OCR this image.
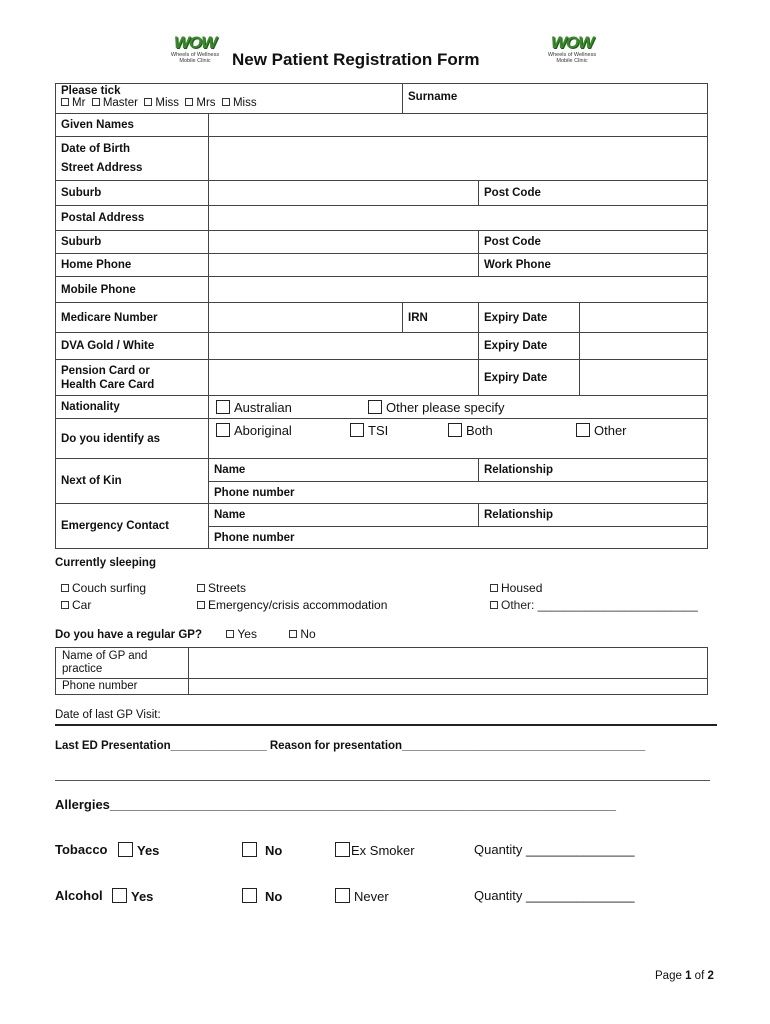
WOW
Wheels of Wellness
Mobile Clinic
WOW
Wheels of Wellness
Mobile Clinic
New Patient Registration Form
Please tick
Mr Master Miss Mrs Miss		Surname		
Given Names				

Date of Birth
Street Address				

Suburb			Post Code	
Postal Address				
Suburb			Post Code	
Home Phone			Work Phone	
Mobile Phone				
Medicare Number		IRN	Expiry Date	
DVA Gold / White			Expiry Date	

Pension Card or
Health Care Card			Expiry Date	
Nationality	Australian Other please specify			
Do you identify as	Aboriginal TSI Both Other			
Next of Kin	Name		Relationship	
	Phone number			
Emergency Contact	Name		Relationship	
	Phone number			
Currently sleeping
Couch surfing	Streets	Housed
Car	Emergency/crisis accommodation	Other: ________________________
Do you have a regular GP?	Yes	No
Name of GP and
practice	

Phone number	
Date of last GP Visit:
Last ED Presentation_______________ Reason for presentation______________________________________
Allergies______________________________________________________________________
Tobacco	Yes	No	Ex Smoker	Quantity _______________
Alcohol	Yes	No	Never	Quantity _______________
Page 1 of 2
